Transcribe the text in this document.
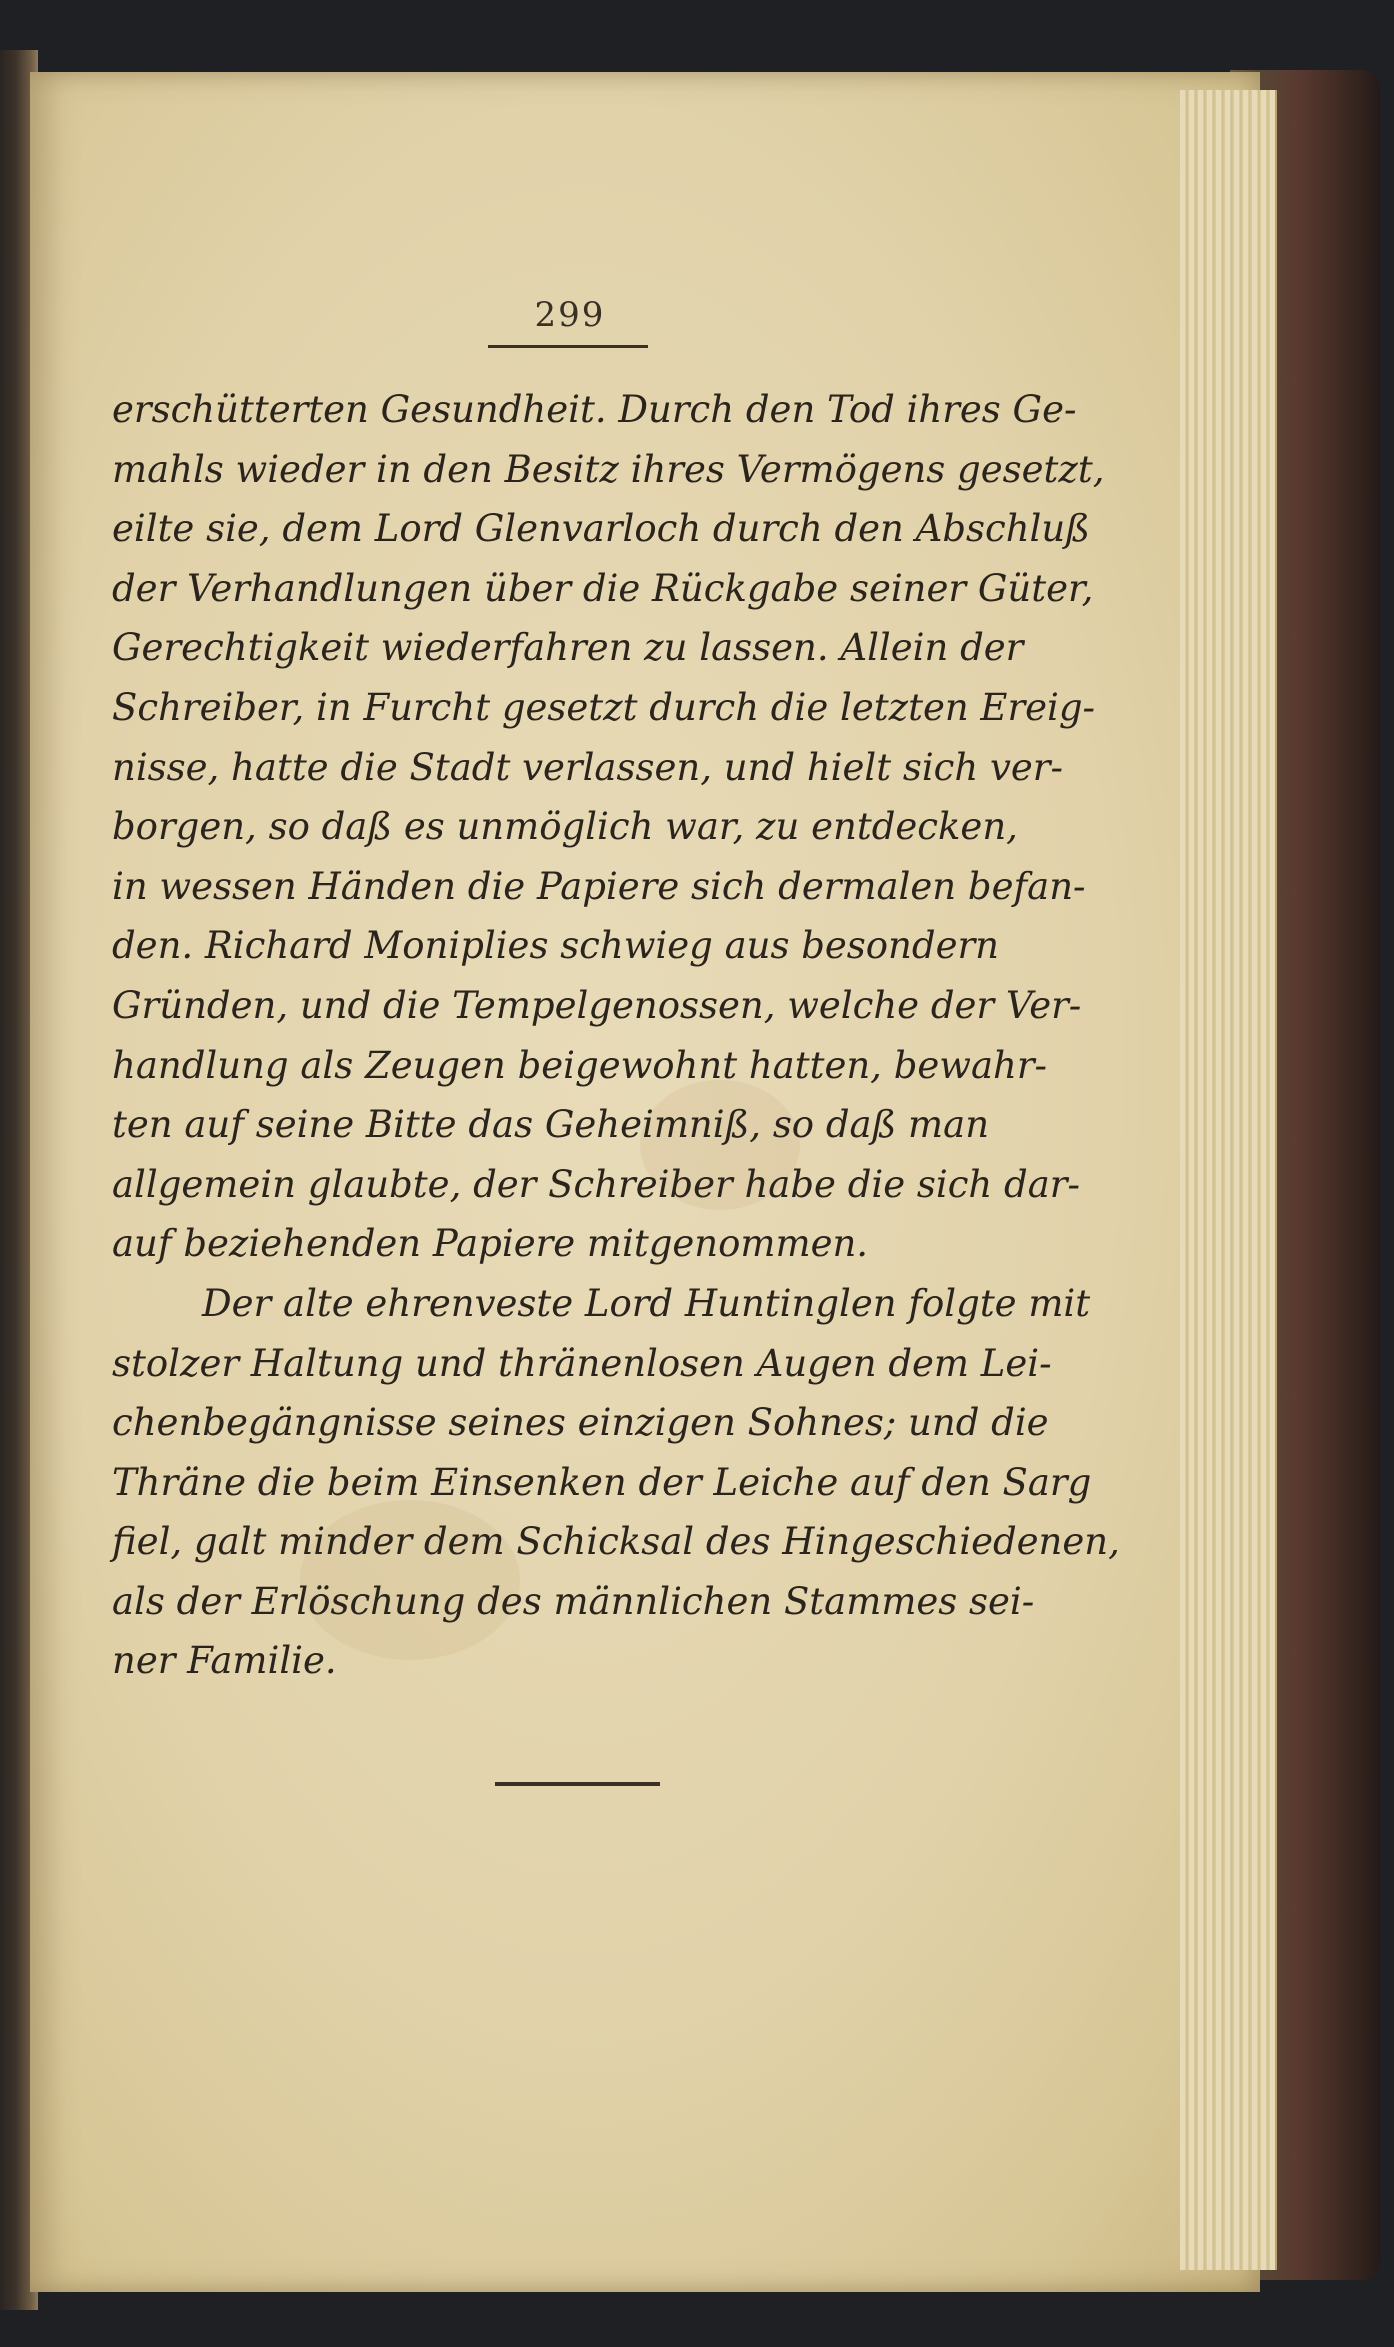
299
erschütterten Gesundheit. Durch den Tod ihres Ge-
mahls wieder in den Besitz ihres Vermögens gesetzt,
eilte sie, dem Lord Glenvarloch durch den Abschluß
der Verhandlungen über die Rückgabe seiner Güter,
Gerechtigkeit wiederfahren zu lassen. Allein der
Schreiber, in Furcht gesetzt durch die letzten Ereig-
nisse, hatte die Stadt verlassen, und hielt sich ver-
borgen, so daß es unmöglich war, zu entdecken,
in wessen Händen die Papiere sich dermalen befan-
den. Richard Moniplies schwieg aus besondern
Gründen, und die Tempelgenossen, welche der Ver-
handlung als Zeugen beigewohnt hatten, bewahr-
ten auf seine Bitte das Geheimniß, so daß man
allgemein glaubte, der Schreiber habe die sich dar-
auf beziehenden Papiere mitgenommen.
Der alte ehrenveste Lord Huntinglen folgte mit
stolzer Haltung und thränenlosen Augen dem Lei-
chenbegängnisse seines einzigen Sohnes; und die
Thräne die beim Einsenken der Leiche auf den Sarg
fiel, galt minder dem Schicksal des Hingeschiedenen,
als der Erlöschung des männlichen Stammes sei-
ner Familie.
